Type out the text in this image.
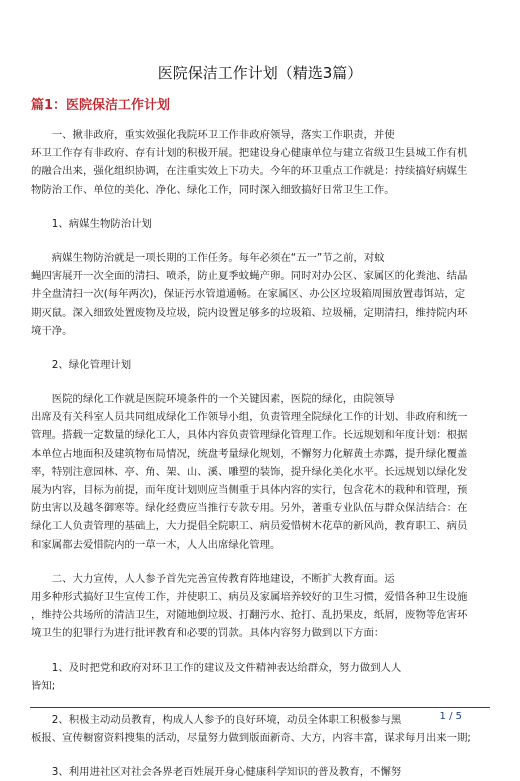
医院保洁工作计划（精选3篇）
篇1：医院保洁工作计划
　　一、揪非政府，重实效强化我院环卫工作非政府领导，落实工作职责，并使
环卫工作存有非政府、存有计划的积极开展。把建设身心健康单位与建立省级卫生县城工作有机
的融合出来，强化组织协调，在注重实效上下功夫。今年的环卫重点工作就是：持续搞好病媒生
物防治工作、单位的美化、净化、绿化工作，同时深入细致搞好日常卫生工作。
　　1、病媒生物防治计划
　　病媒生物防治就是一项长期的工作任务。每年必须在“五一”节之前，对蚊
蝇四害展开一次全面的清扫、喷杀，防止夏季蚊蝇产卵。同时对办公区、家属区的化粪池、结晶
井全盘清扫一次(每年两次)，保证污水管道通畅。在家属区、办公区垃圾箱周围放置毒饵站，定
期灭鼠。深入细致处置废物及垃圾，院内设置足够多的垃圾箱、垃圾桶，定期清扫，维持院内环
境干净。
　　2、绿化管理计划
　　医院的绿化工作就是医院环境条件的一个关键因素，医院的绿化，由院领导
出席及有关科室人员共同组成绿化工作领导小组，负责管理全院绿化工作的计划、非政府和统一
管理。搭载一定数量的绿化工人，具体内容负责管理绿化管理工作。长远规划和年度计划：根据
本单位占地面积及建筑物布局情况，统盘考量绿化规划，不懈努力化解黄土赤露，提升绿化覆盖
率，特别注意园林、亭、角、架、山、溪、雕塑的装饰，提升绿化美化水平。长远规划以绿化发
展为内容，目标为前提，而年度计划则应当侧重于具体内容的实行，包含花木的栽种和管理，预
防虫害以及越冬御寒等。绿化经费应当推行专款专用。另外，著重专业队伍与群众保洁结合：在
绿化工人负责管理的基础上，大力提倡全院职工、病员爱惜树木花草的新风尚，教育职工、病员
和家属都去爱惜院内的一草一木，人人出席绿化管理。
　　二、大力宣传，人人参予首先完善宣传教育阵地建设，不断扩大教育面。运
用多种形式搞好卫生宣传工作，并使职工、病员及家属培养较好的卫生习惯，爱惜各种卫生设施
，维持公共场所的清洁卫生，对随地倒垃圾、打翻污水、抢打、乱扔果皮，纸屑，废物等危害环
境卫生的犯罪行为进行批评教育和必要的罚款。具体内容努力做到以下方面：
　　1、及时把党和政府对环卫工作的建议及文件精神表达给群众，努力做到人人
皆知;
　　2、积极主动动员教育，构成人人参予的良好环境，动员全体职工积极参与黑
板报、宣传橱窗资料搜集的活动，尽量努力做到版面新奇、大方，内容丰富，谋求每月出来一期;
　　3、利用进社区对社会各界老百姓展开身心健康科学知识的普及教育，不懈努
1 / 5
